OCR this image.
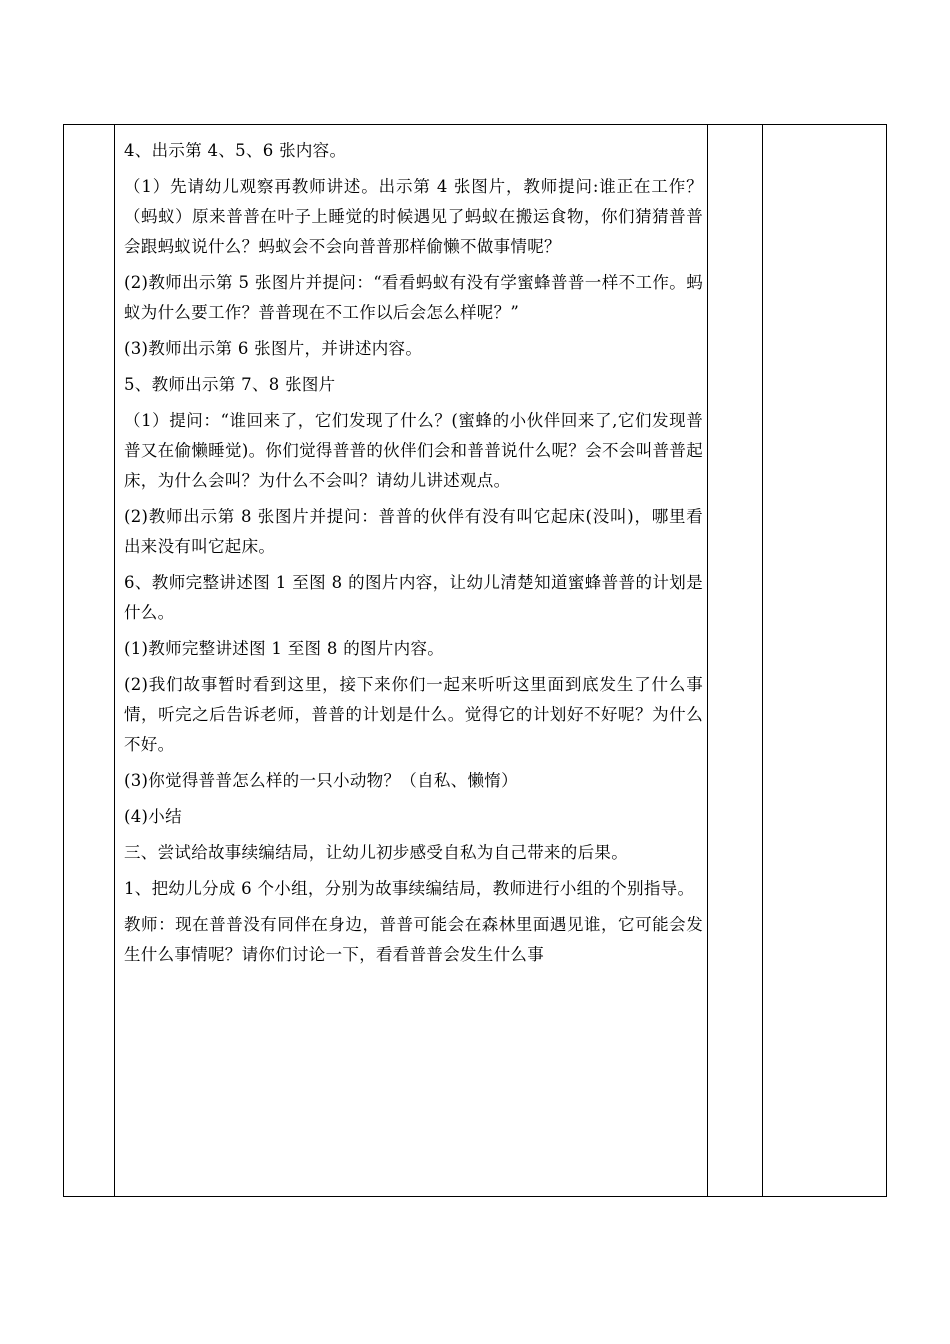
4、出示第 4、5、6 张内容。

（1）先请幼儿观察再教师讲述。出示第 4 张图片，教师提问:谁正在工作？（蚂蚁）原来普普在叶子上睡觉的时候遇见了蚂蚁在搬运食物，你们猜猜普普会跟蚂蚁说什么？蚂蚁会不会向普普那样偷懒不做事情呢？

(2)教师出示第 5 张图片并提问：“看看蚂蚁有没有学蜜蜂普普一样不工作。蚂蚁为什么要工作？普普现在不工作以后会怎么样呢？”

(3)教师出示第 6 张图片，并讲述内容。

5、教师出示第 7、8 张图片

（1）提问：“谁回来了，它们发现了什么？(蜜蜂的小伙伴回来了,它们发现普普又在偷懒睡觉)。你们觉得普普的伙伴们会和普普说什么呢？会不会叫普普起床，为什么会叫？为什么不会叫？请幼儿讲述观点。

(2)教师出示第 8 张图片并提问：普普的伙伴有没有叫它起床(没叫)，哪里看出来没有叫它起床。

6、教师完整讲述图 1 至图 8 的图片内容，让幼儿清楚知道蜜蜂普普的计划是什么。

(1)教师完整讲述图 1 至图 8 的图片内容。

(2)我们故事暂时看到这里，接下来你们一起来听听这里面到底发生了什么事情，听完之后告诉老师，普普的计划是什么。觉得它的计划好不好呢？为什么不好。

(3)你觉得普普怎么样的一只小动物？（自私、懒惰）

(4)小结

三、尝试给故事续编结局，让幼儿初步感受自私为自己带来的后果。

1、把幼儿分成 6 个小组，分别为故事续编结局，教师进行小组的个别指导。

教师：现在普普没有同伴在身边，普普可能会在森林里面遇见谁，它可能会发生什么事情呢？请你们讨论一下，看看普普会发生什么事
